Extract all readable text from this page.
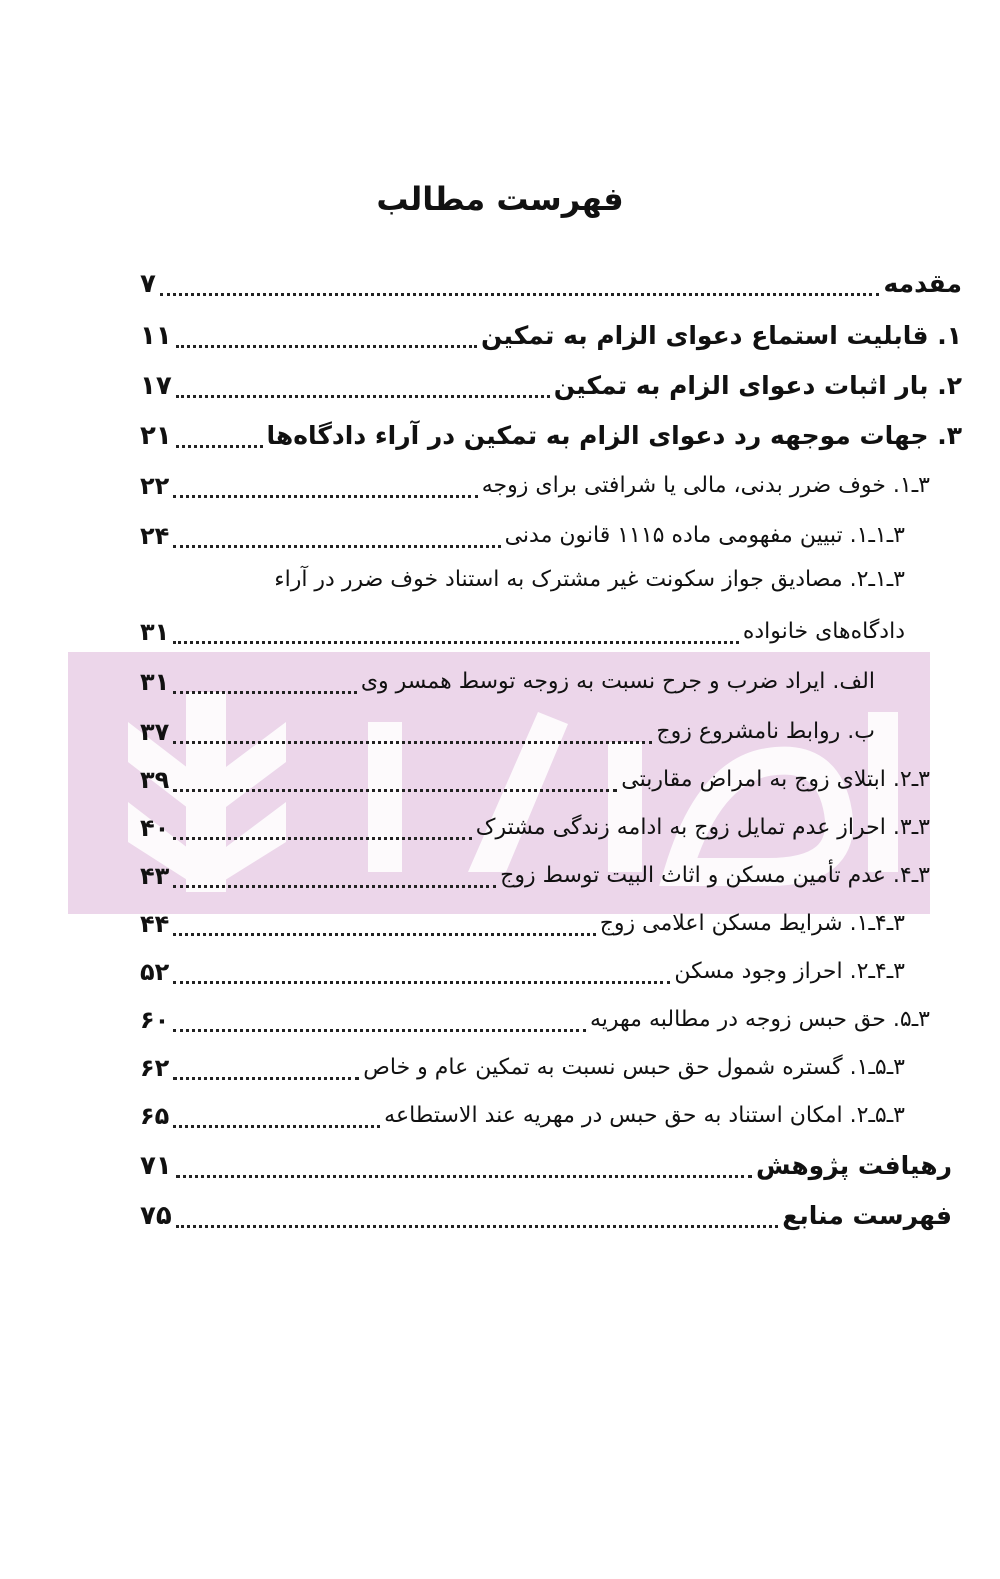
فهرست مطالب
مقدمه
۷
۱. قابلیت استماع دعوای الزام به تمکین
۱۱
۲. بار اثبات دعوای الزام به تمکین
۱۷
۳. جهات موجهه رد دعوای الزام به تمکین در آراء دادگاه‌ها
۲۱
۳ـ۱. خوف ضرر بدنی، مالی یا شرافتی برای زوجه
۲۲
۳ـ۱ـ۱. تبیین مفهومی ماده ۱۱۱۵ قانون مدنی
۲۴
۳ـ۱ـ۲. مصادیق جواز سکونت غیر مشترک به استناد خوف ضرر در آراء
دادگاه‌های خانواده
۳۱
الف. ایراد ضرب و جرح نسبت به زوجه توسط همسر وی
۳۱
ب. روابط نامشروع زوج
۳۷
۳ـ۲. ابتلای زوج به امراض مقاربتی
۳۹
۳ـ۳. احراز عدم تمایل زوج به ادامه زندگی مشترک
۴۰
۳ـ۴. عدم تأمین مسکن و اثاث البیت توسط زوج
۴۳
۳ـ۴ـ۱. شرایط مسکن اعلامی زوج
۴۴
۳ـ۴ـ۲. احراز وجود مسکن
۵۲
۳ـ۵. حق حبس زوجه در مطالبه مهریه
۶۰
۳ـ۵ـ۱. گستره شمول حق حبس نسبت به تمکین عام و خاص
۶۲
۳ـ۵ـ۲. امکان استناد به حق حبس در مهریه عند الاستطاعه
۶۵
رهیافت پژوهش
۷۱
فهرست منابع
۷۵
